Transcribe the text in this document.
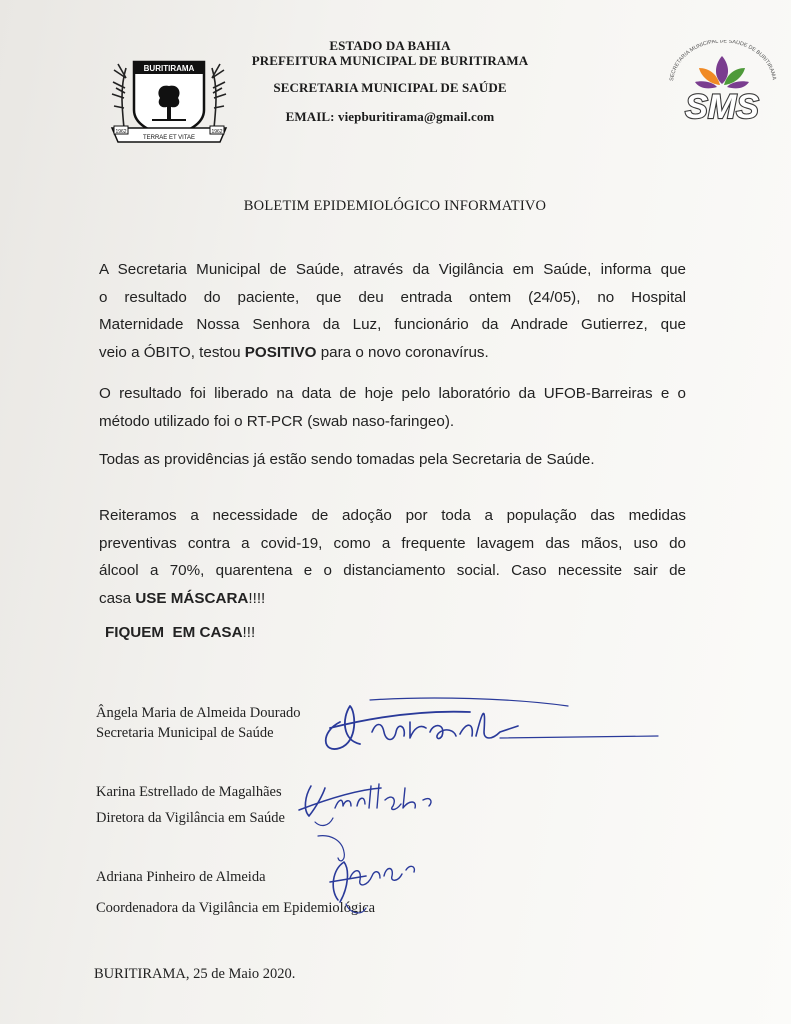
BURITIRAMA
1962	1962
TERRAE ET VITAE
ESTADO DA BAHIA
PREFEITURA MUNICIPAL DE BURITIRAMA
SECRETARIA MUNICIPAL DE SAÚDE
EMAIL: viepburitirama@gmail.com
SECRETARIA MUNICIPAL DE SAÚDE DE BURITIRAMA
SMS
BOLETIM EPIDEMIOLÓGICO INFORMATIVO
A Secretaria Municipal de Saúde, através da Vigilância em Saúde, informa que
o resultado do paciente, que deu entrada ontem (24/05), no Hospital
Maternidade Nossa Senhora da Luz, funcionário da Andrade Gutierrez, que
veio a ÓBITO, testou POSITIVO para o novo coronavírus.
O resultado foi liberado na data de hoje pelo laboratório da UFOB-Barreiras e o
método utilizado foi o RT-PCR (swab naso-faringeo).
Todas as providências já estão sendo tomadas pela Secretaria de Saúde.
Reiteramos a necessidade de adoção por toda a população das medidas
preventivas contra a covid-19, como a frequente lavagem das mãos, uso do
álcool a 70%, quarentena e o distanciamento social. Caso necessite sair de
casa USE MÁSCARA!!!!
FIQUEM  EM CASA!!!
Ângela Maria de Almeida Dourado
Secretaria Municipal de Saúde
Karina Estrellado de Magalhães
Diretora da Vigilância em Saúde
Adriana Pinheiro de Almeida
Coordenadora da Vigilância em Epidemiológica
BURITIRAMA, 25 de Maio 2020.
